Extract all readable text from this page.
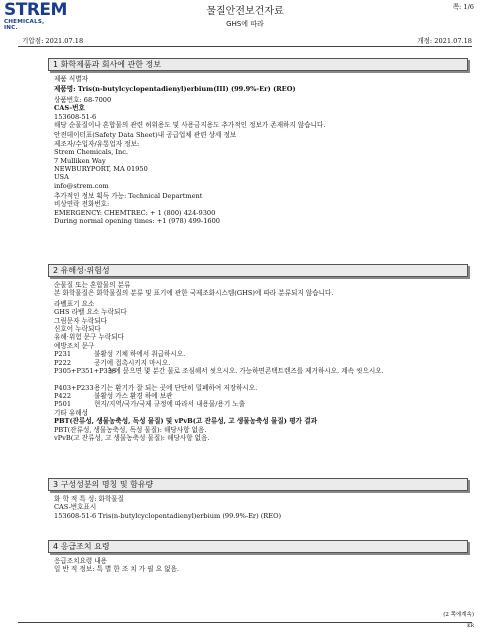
STREM
CHEMICALS, INC.
물질안전보건자료
GHS에 따라
쪽: 1/6
기압점: 2021.07.18	개정: 2021.07.18
1 화학제품과 회사에 관한 정보
제품 식별자
제품명: Tris(n-butylcyclopentadienyl)erbium(III) (99.9%-Er) (REO)
상품번호: 68-7000
CAS-번호
153608-51-6
해당 순물질이나 혼합물의 관련 허위용도 및 사용금지용도 추가적인 정보가 존재하지 않습니다.
안전데이터표(Safety Data Sheet)내 공급업체 관련 상세 정보
제조자/수입자/유통업자 정보:
Strem Chemicals, Inc.
7 Mulliken Way
NEWBURYPORT, MA 01950
USA
info@strem.com
추가적인 정보 획득 가능: Technical Department
비상연락 전화번호:
EMERGENCY: CHEMTREC: + 1 (800) 424-9300
During normal opening times: +1 (978) 499-1600
2 유해성·위험성
순물질 또는 혼합물의 분류
본 화학물질은 화학물질의 분류 및 표기에 관한 국제조화시스템(GHS)에 따라 분류되지 않습니다.
라벨표기 요소
GHS 라벨 요소 누락되다
그림문자 누락되다
신호어 누락되다
유해·위험 문구 누락되다
예방조치 문구
P231	불활성 기체 하에서 취급하시오.
P222	공기에 접촉시키지 마시오.
P305+P351+P338
눈에 묻으면 몇 분간 물로 조심해서 씻으시오. 가능하면콘택트렌즈를 제거하시오. 계속 씻으시오.
P403+P233 용기는 환기가 잘 되는 곳에 단단히 밀폐하여 저장하시오.
P422	불활성 가스 환경 하에 보관
P501	현지/지역/국가/국제 규정에 따라서 내용물/용기 노출
기타 유해성
PBT(잔류성, 생물농축성, 독성 물질) 및 vPvB(고 잔류성, 고 생물농축성 물질) 평가 결과
PBT(잔류성, 생물농축성, 독성 물질): 해당사항 없음.
vPvB(고 잔류성, 고 생물농축성 물질): 해당사항 없음.
3 구성성분의 명칭 및 함유량
화 학 적 특 성: 화학물질
CAS-번호표시
153608-51-6 Tris(n-butylcyclopentadienyl)erbium (99.9%-Er) (REO)
4 응급조치 요령
응급조치요령 내용
일 반 적 정보: 특 별 한 조 치 가 필 요 없음.
(2 쪽에계속)
KR
